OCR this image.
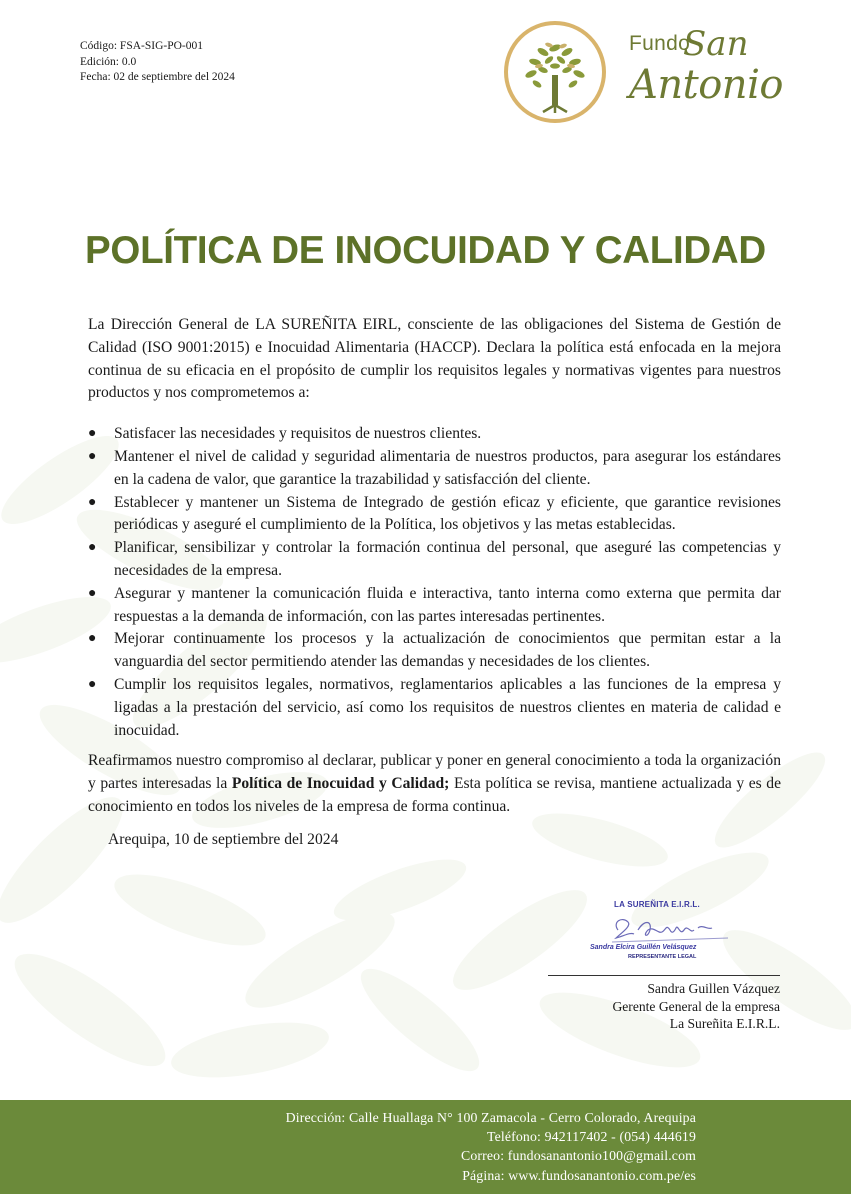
Código: FSA-SIG-PO-001
Edición: 0.0
Fecha: 02 de septiembre del 2024
Fundo
San
Antonio
POLÍTICA DE INOCUIDAD Y CALIDAD

La Dirección General de LA SUREÑITA EIRL, consciente de las obligaciones del Sistema de Gestión de Calidad (ISO 9001:2015) e Inocuidad Alimentaria (HACCP). Declara la política está enfocada en la mejora continua de su eficacia en el propósito de cumplir los requisitos legales y normativas vigentes para nuestros productos y nos comprometemos a:

●	Satisfacer las necesidades y requisitos de nuestros clientes.
●	Mantener el nivel de calidad y seguridad alimentaria de nuestros productos, para asegurar los estándares en la cadena de valor, que garantice la trazabilidad y satisfacción del cliente.
●	Establecer y mantener un Sistema de Integrado de gestión eficaz y eficiente, que garantice revisiones periódicas y aseguré el cumplimiento de la Política, los objetivos y las metas establecidas.
●	Planificar, sensibilizar y controlar la formación continua del personal, que aseguré las competencias y necesidades de la empresa.
●	Asegurar y mantener la comunicación fluida e interactiva, tanto interna como externa que permita dar respuestas a la demanda de información, con las partes interesadas pertinentes.
●	Mejorar continuamente los procesos y la actualización de conocimientos que permitan estar a la vanguardia del sector permitiendo atender las demandas y necesidades de los clientes.
●	Cumplir los requisitos legales, normativos, reglamentarios aplicables a las funciones de la empresa y ligadas a la prestación del servicio, así como los requisitos de nuestros clientes en materia de calidad e inocuidad.

Reafirmamos nuestro compromiso al declarar, publicar y poner en general conocimiento a toda la organización y partes interesadas la Política de Inocuidad y Calidad; Esta política se revisa, mantiene actualizada y es de conocimiento en todos los niveles de la empresa de forma continua.

Arequipa, 10 de septiembre del 2024

LA SUREÑITA E.I.R.L.
Sandra Elcira Guillén Velásquez
REPRESENTANTE LEGAL
Sandra Guillen Vázquez
Gerente General de la empresa
La Sureñita E.I.R.L.
Dirección: Calle Huallaga N° 100 Zamacola - Cerro Colorado, Arequipa
Teléfono: 942117402 - (054) 444619
Correo: fundosanantonio100@gmail.com
Página: www.fundosanantonio.com.pe/es
